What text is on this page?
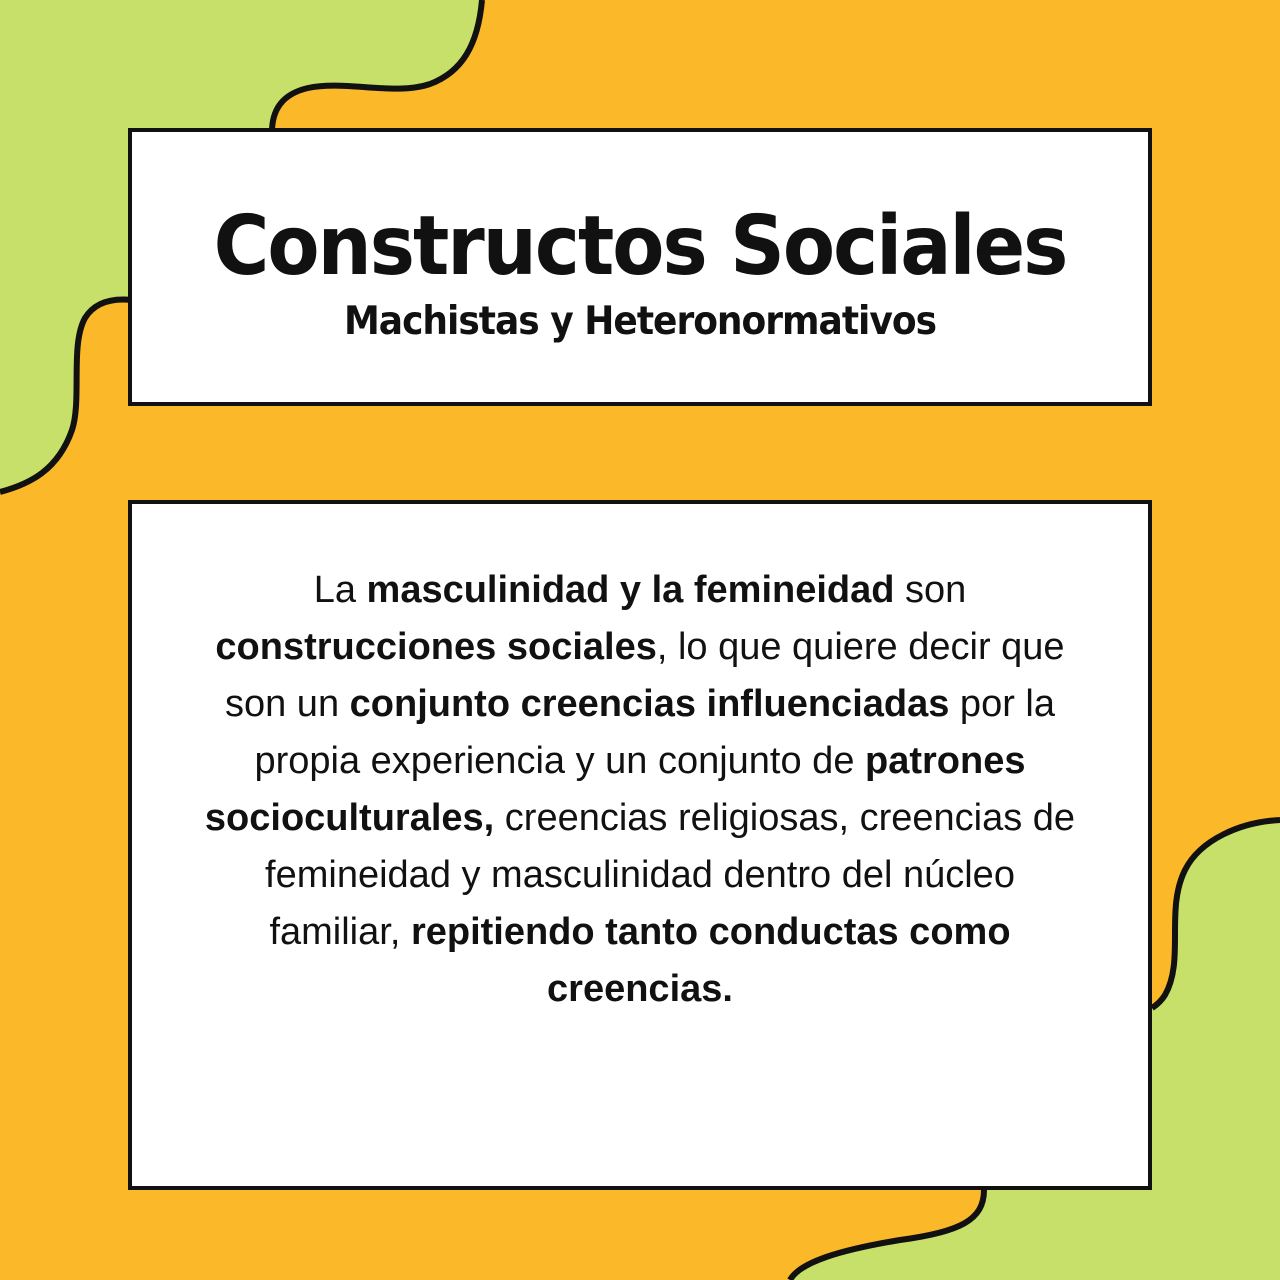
Constructos Sociales
Machistas y Heteronormativos
La masculinidad y la femineidad son construcciones sociales, lo que quiere decir que son un conjunto creencias influenciadas por la propia experiencia y un conjunto de patrones socioculturales, creencias religiosas, creencias de femineidad y masculinidad dentro del núcleo familiar, repitiendo tanto conductas como creencias.
